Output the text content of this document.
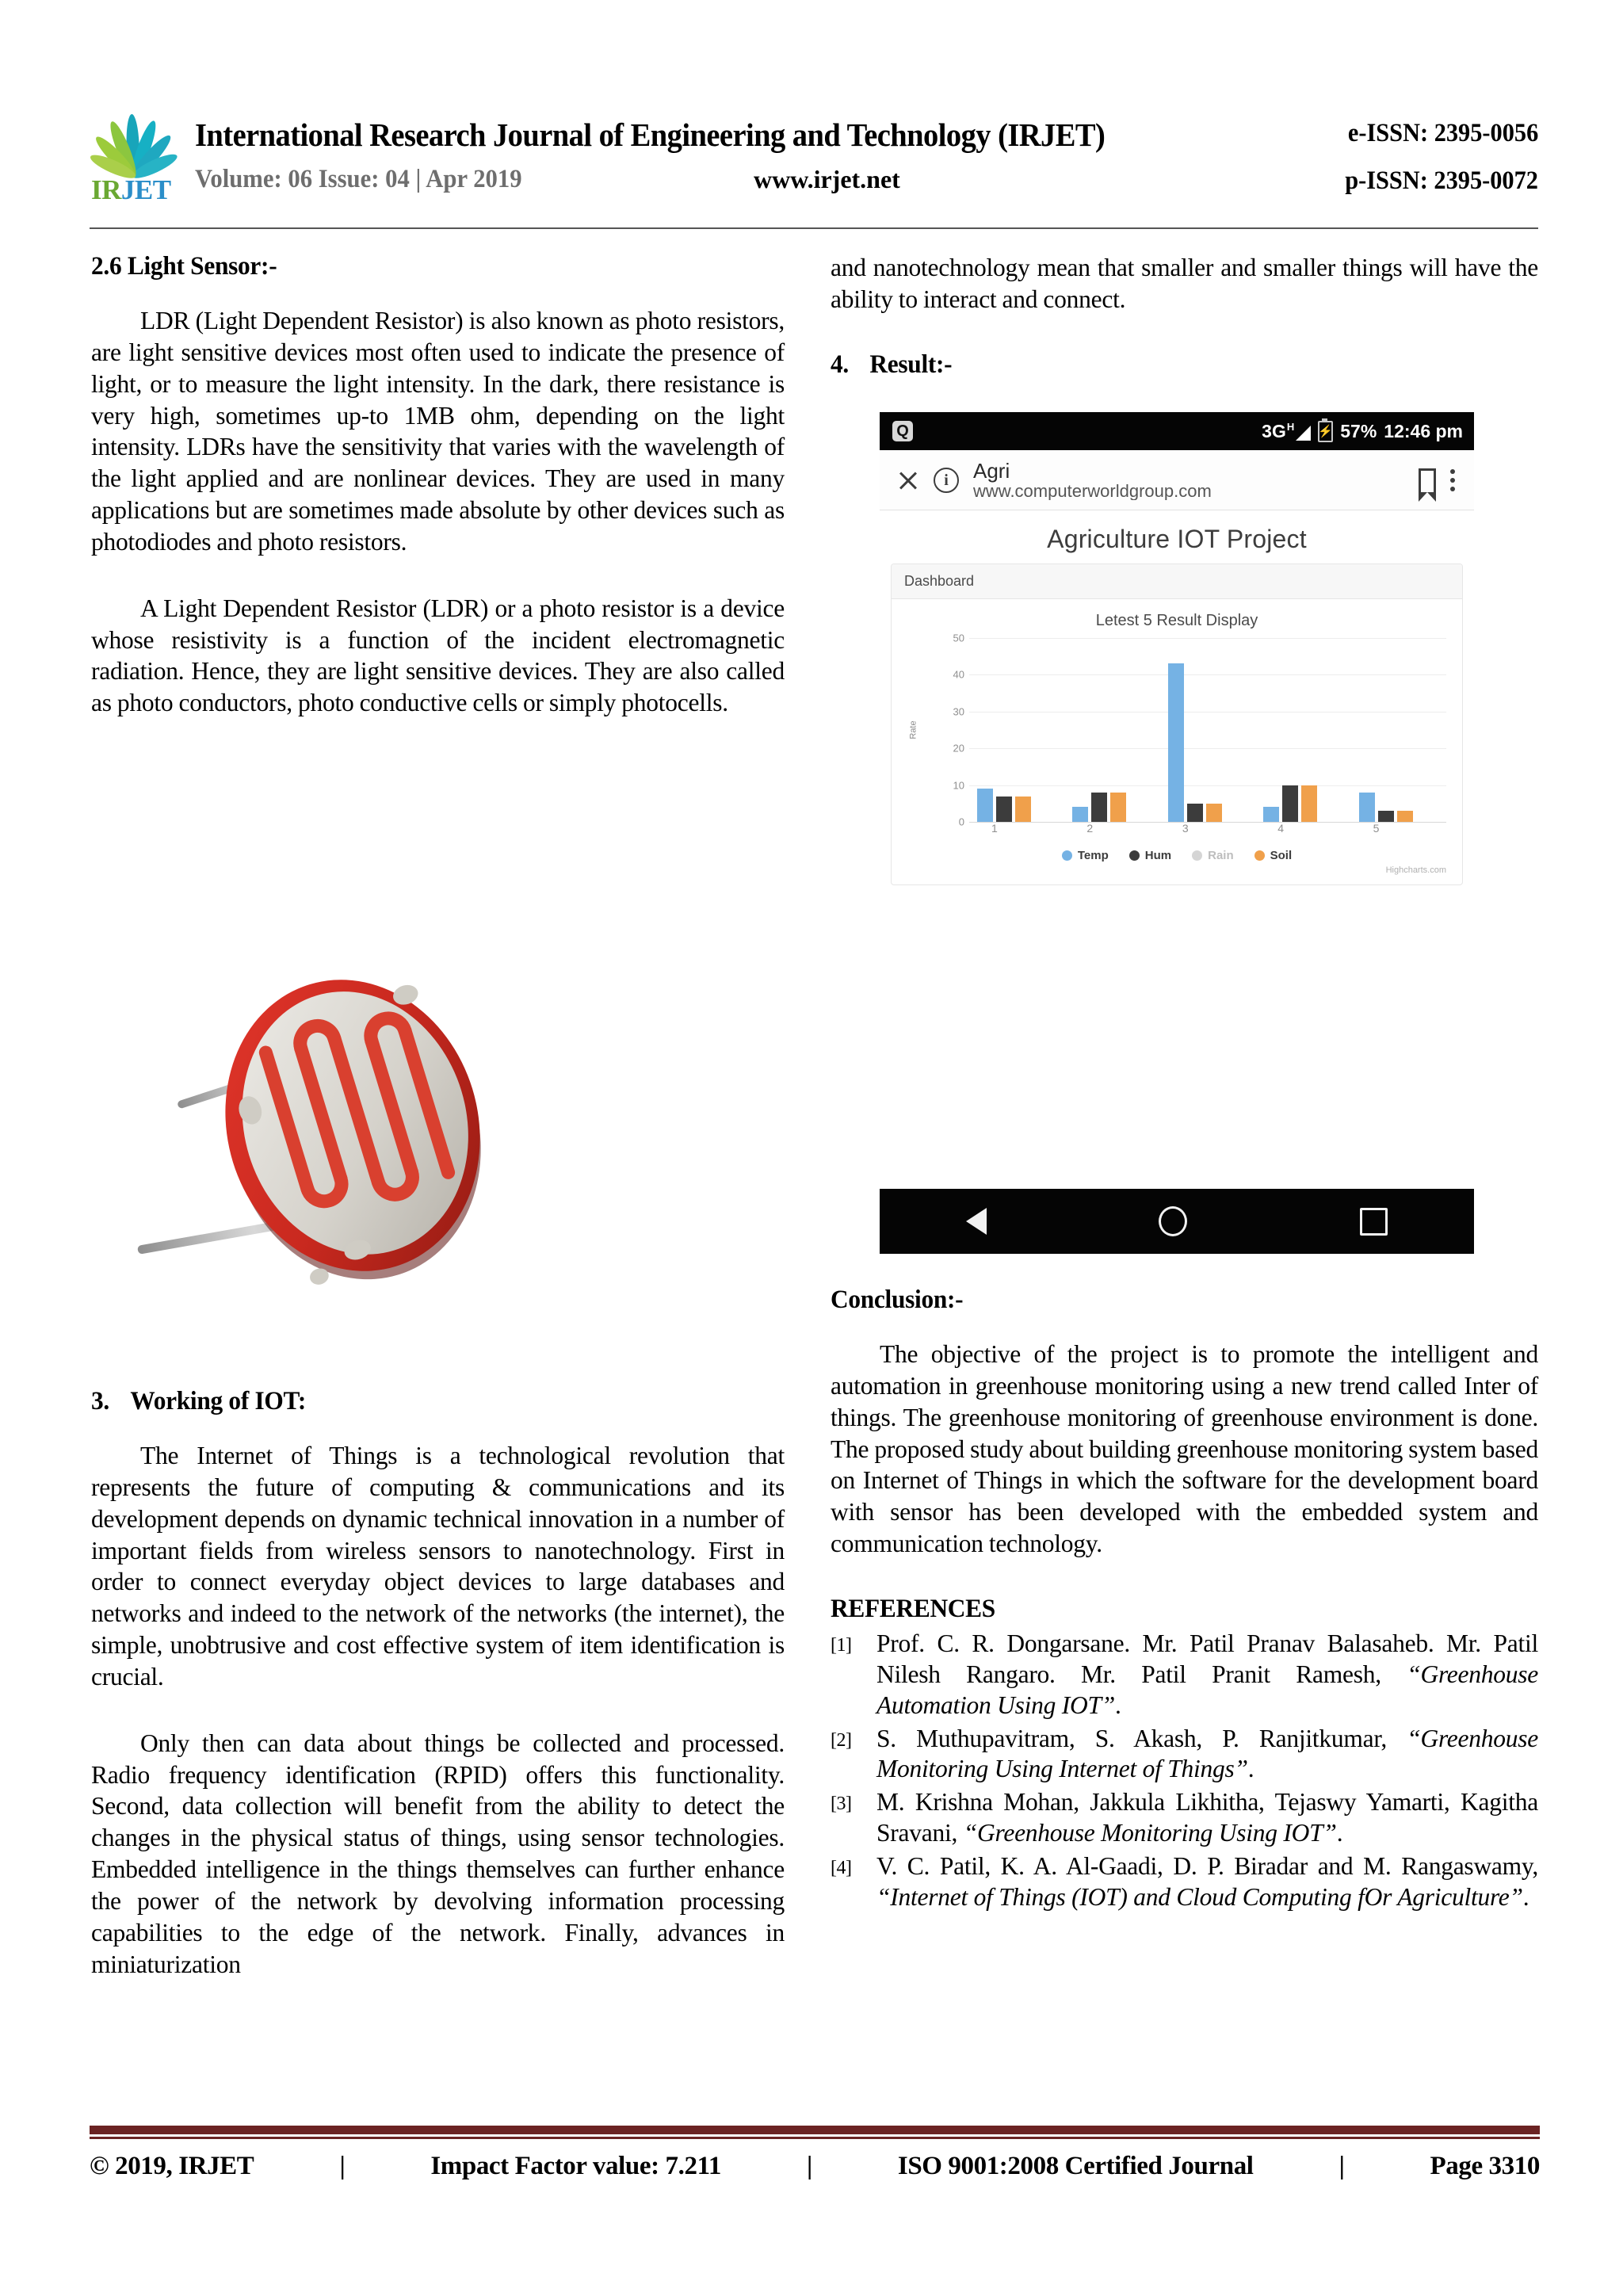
IRJET
International Research Journal of Engineering and Technology (IRJET)	e-ISSN: 2395-0056
Volume: 06 Issue: 04 | Apr 2019	www.irjet.net	p-ISSN: 2395-0072
2.6 Light Sensor:-

LDR (Light Dependent Resistor) is also known as photo resistors, are light sensitive devices most often used to indicate the presence of light, or to measure the light intensity. In the dark, there resistance is very high, sometimes up-to 1MB ohm, depending on the light intensity. LDRs have the sensitivity that varies with the wavelength of the light applied and are nonlinear devices. They are used in many applications but are sometimes made absolute by other devices such as photodiodes and photo resistors.

A Light Dependent Resistor (LDR) or a photo resistor is a device whose resistivity is a function of the incident electromagnetic radiation. Hence, they are light sensitive devices. They are also called as photo conductors, photo conductive cells or simply photocells.

3. Working of IOT:

The Internet of Things is a technological revolution that represents the future of computing & communications and its development depends on dynamic technical innovation in a number of important fields from wireless sensors to nanotechnology. First in order to connect everyday object devices to large databases and networks and indeed to the network of the networks (the internet), the simple, unobtrusive and cost effective system of item identification is crucial.

Only then can data about things be collected and processed. Radio frequency identification (RPID) offers this functionality. Second, data collection will benefit from the ability to detect the changes in the physical status of things, using sensor technologies. Embedded intelligence in the things themselves can further enhance the power of the network by devolving information processing capabilities to the edge of the network. Finally, advances in miniaturization

and nanotechnology mean that smaller and smaller things will have the ability to interact and connect.

4. Result:-
Q	3G H ⚡ 57% 12:46 pm
i	Agri
www.computerworldgroup.com
Agriculture IOT Project
Dashboard
Letest 5 Result Display
Rate
0
10
20
30
40
50
1	2	3	4	5
Temp	Hum	Rain	Soil
Highcharts.com
Conclusion:-

The objective of the project is to promote the intelligent and automation in greenhouse monitoring using a new trend called Inter of things. The greenhouse monitoring of greenhouse environment is done. The proposed study about building greenhouse monitoring system based on Internet of Things in which the software for the development board with sensor has been developed with the embedded system and communication technology.

REFERENCES
[1]	Prof. C. R. Dongarsane. Mr. Patil Pranav Balasaheb. Mr. Patil Nilesh Rangaro. Mr. Patil Pranit Ramesh, “Greenhouse Automation Using IOT”.
[2]	S. Muthupavitram, S. Akash, P. Ranjitkumar, “Greenhouse Monitoring Using Internet of Things”.
[3]	M. Krishna Mohan, Jakkula Likhitha, Tejaswy Yamarti, Kagitha Sravani, “Greenhouse Monitoring Using IOT”.
[4]	V. C. Patil, K. A. Al-Gaadi, D. P. Biradar and M. Rangaswamy, “Internet of Things (IOT) and Cloud Computing fOr Agriculture”.
© 2019, IRJET	|	Impact Factor value: 7.211	|	ISO 9001:2008 Certified Journal	|	Page 3310
